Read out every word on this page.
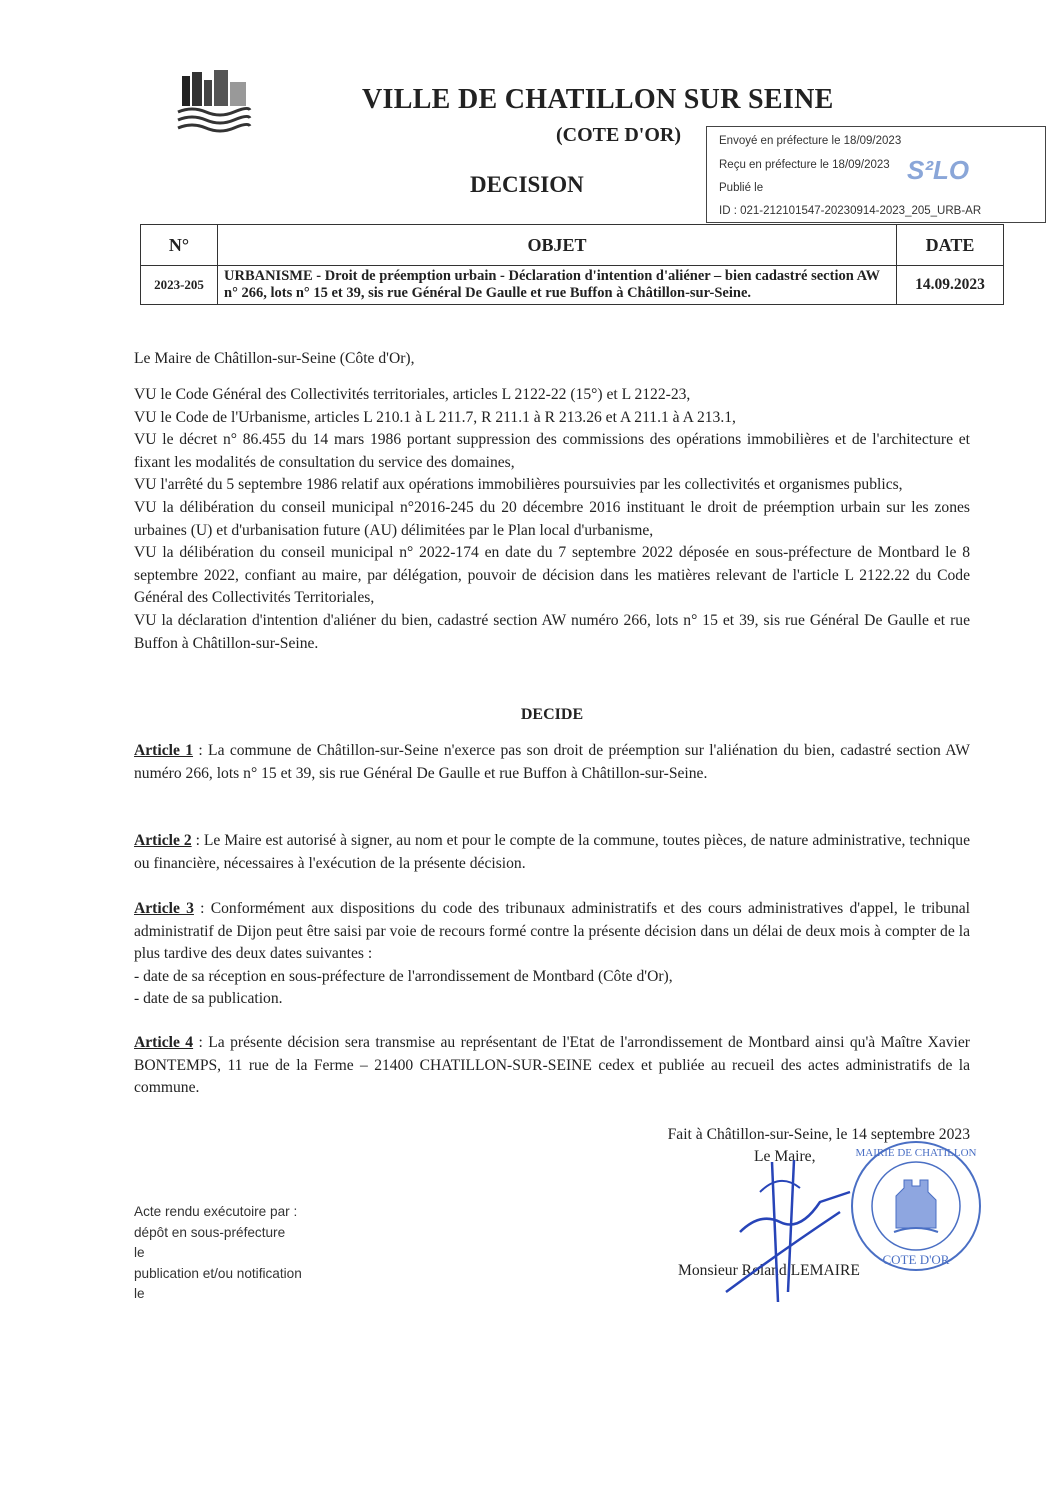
VILLE DE CHATILLON SUR SEINE
(COTE D'OR)
DECISION
Envoyé en préfecture le 18/09/2023
Reçu en préfecture le 18/09/2023
Publié le
ID : 021-212101547-20230914-2023_205_URB-AR
S²LO
N°	OBJET	DATE
2023-205	URBANISME - Droit de préemption urbain - Déclaration d'intention d'aliéner – bien cadastré section AW n° 266, lots n° 15 et 39, sis rue Général De Gaulle et rue Buffon à Châtillon-sur-Seine.	14.09.2023
Le Maire de Châtillon-sur-Seine (Côte d'Or),
VU le Code Général des Collectivités territoriales, articles L 2122-22 (15°) et L 2122-23,
VU le Code de l'Urbanisme, articles L 210.1 à L 211.7, R 211.1 à R 213.26 et A 211.1 à A 213.1,
VU le décret n° 86.455 du 14 mars 1986 portant suppression des commissions des opérations immobilières et de l'architecture et fixant les modalités de consultation du service des domaines,
VU l'arrêté du 5 septembre 1986 relatif aux opérations immobilières poursuivies par les collectivités et organismes publics,
VU la délibération du conseil municipal n°2016-245 du 20 décembre 2016 instituant le droit de préemption urbain sur les zones urbaines (U) et d'urbanisation future (AU) délimitées par le Plan local d'urbanisme,
VU la délibération du conseil municipal n° 2022-174 en date du 7 septembre 2022 déposée en sous-préfecture de Montbard le 8 septembre 2022, confiant au maire, par délégation, pouvoir de décision dans les matières relevant de l'article L 2122.22 du Code Général des Collectivités Territoriales,
VU la déclaration d'intention d'aliéner du bien, cadastré section AW numéro 266, lots n° 15 et 39, sis rue Général De Gaulle et rue Buffon à Châtillon-sur-Seine.
DECIDE
Article 1 : La commune de Châtillon-sur-Seine n'exerce pas son droit de préemption sur l'aliénation du bien, cadastré section AW numéro 266, lots n° 15 et 39, sis rue Général De Gaulle et rue Buffon à Châtillon-sur-Seine.
Article 2 : Le Maire est autorisé à signer, au nom et pour le compte de la commune, toutes pièces, de nature administrative, technique ou financière, nécessaires à l'exécution de la présente décision.
Article 3 : Conformément aux dispositions du code des tribunaux administratifs et des cours administratives d'appel, le tribunal administratif de Dijon peut être saisi par voie de recours formé contre la présente décision dans un délai de deux mois à compter de la plus tardive des deux dates suivantes :
- date de sa réception en sous-préfecture de l'arrondissement de Montbard (Côte d'Or),
- date de sa publication.
Article 4 : La présente décision sera transmise au représentant de l'Etat de l'arrondissement de Montbard ainsi qu'à Maître Xavier BONTEMPS, 11 rue de la Ferme – 21400 CHATILLON-SUR-SEINE cedex et publiée au recueil des actes administratifs de la commune.
Fait à Châtillon-sur-Seine, le 14 septembre 2023
Le Maire,
Monsieur Roland LEMAIRE
COTE D'OR
MAIRIE DE CHATILLON
Acte rendu exécutoire par :
dépôt en sous-préfecture
le
publication et/ou notification
le
